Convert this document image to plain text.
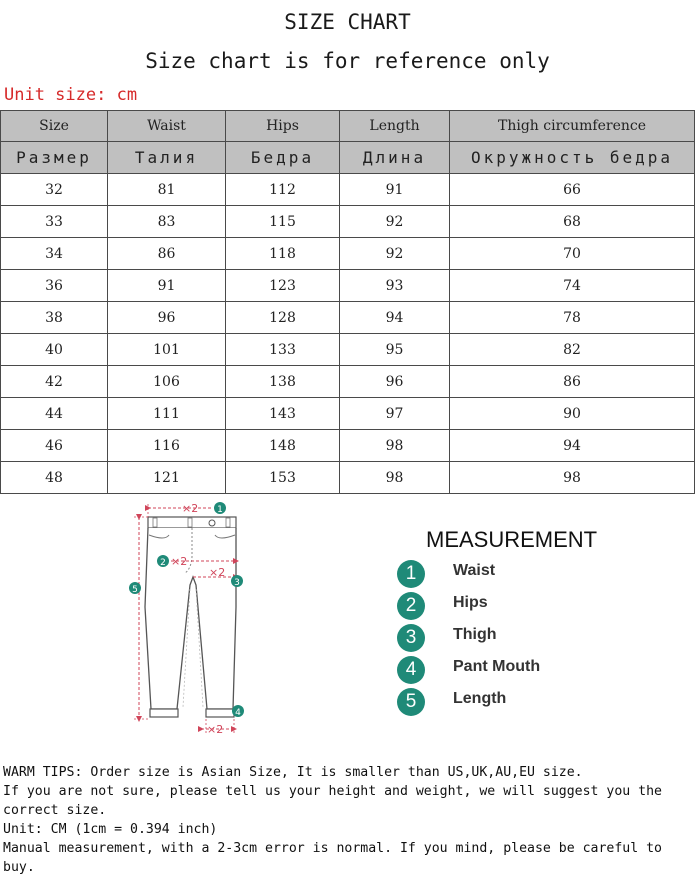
SIZE CHART
Size chart is for reference only
Unit size: cm
Size	Waist	Hips	Length	Thigh circumference
Размер	Талия	Бедра	Длина	Окружность бедра
32	81	112	91	66
33	83	115	92	68
34	86	118	92	70
36	91	123	93	74
38	96	128	94	78
40	101	133	95	82
42	106	138	96	86
44	111	143	97	90
46	116	148	98	94
48	121	153	98	98
×2 1
2 ×2
×2
3
5
4
×2
MEASUREMENT
1	Waist
2	Hips
3	Thigh
4	Pant Mouth
5	Length
WARM TIPS: Order size is Asian Size, It is smaller than US,UK,AU,EU size.
If you are not sure, please tell us your height and weight, we will suggest you the correct size.
Unit: CM (1cm = 0.394 inch)
Manual measurement, with a 2-3cm error is normal. If you mind, please be careful to buy.
